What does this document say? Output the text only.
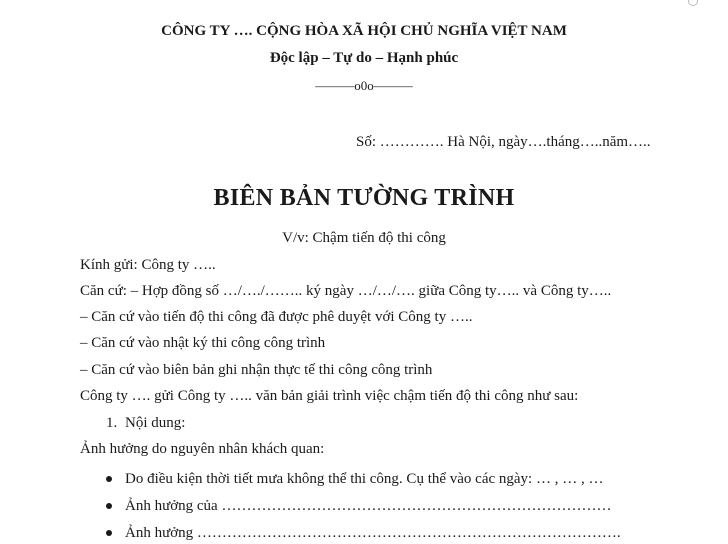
CÔNG TY …. CỘNG HÒA XÃ HỘI CHỦ NGHĨA VIỆT NAM
Độc lập – Tự do – Hạnh phúc
———o0o———
Số: …………. Hà Nội, ngày….tháng…..năm…..
BIÊN BẢN TƯỜNG TRÌNH
V/v: Chậm tiến độ thi công
Kính gửi: Công ty …..
Căn cứ: – Hợp đồng số …/…./…….. ký ngày …/…/…. giữa Công ty….. và Công ty…..
– Căn cứ vào tiến độ thi công đã được phê duyệt với Công ty …..
– Căn cứ vào nhật ký thi công công trình
– Căn cứ vào biên bản ghi nhận thực tế thi công công trình
Công ty …. gửi Công ty ….. văn bản giải trình việc chậm tiến độ thi công như sau:
1. Nội dung:
Ảnh hưởng do nguyên nhân khách quan:
Do điều kiện thời tiết mưa không thể thi công. Cụ thể vào các ngày: … , … , …
Ảnh hưởng của ……………………………………………………………………
Ảnh hưởng ………………………………………………………………………….
